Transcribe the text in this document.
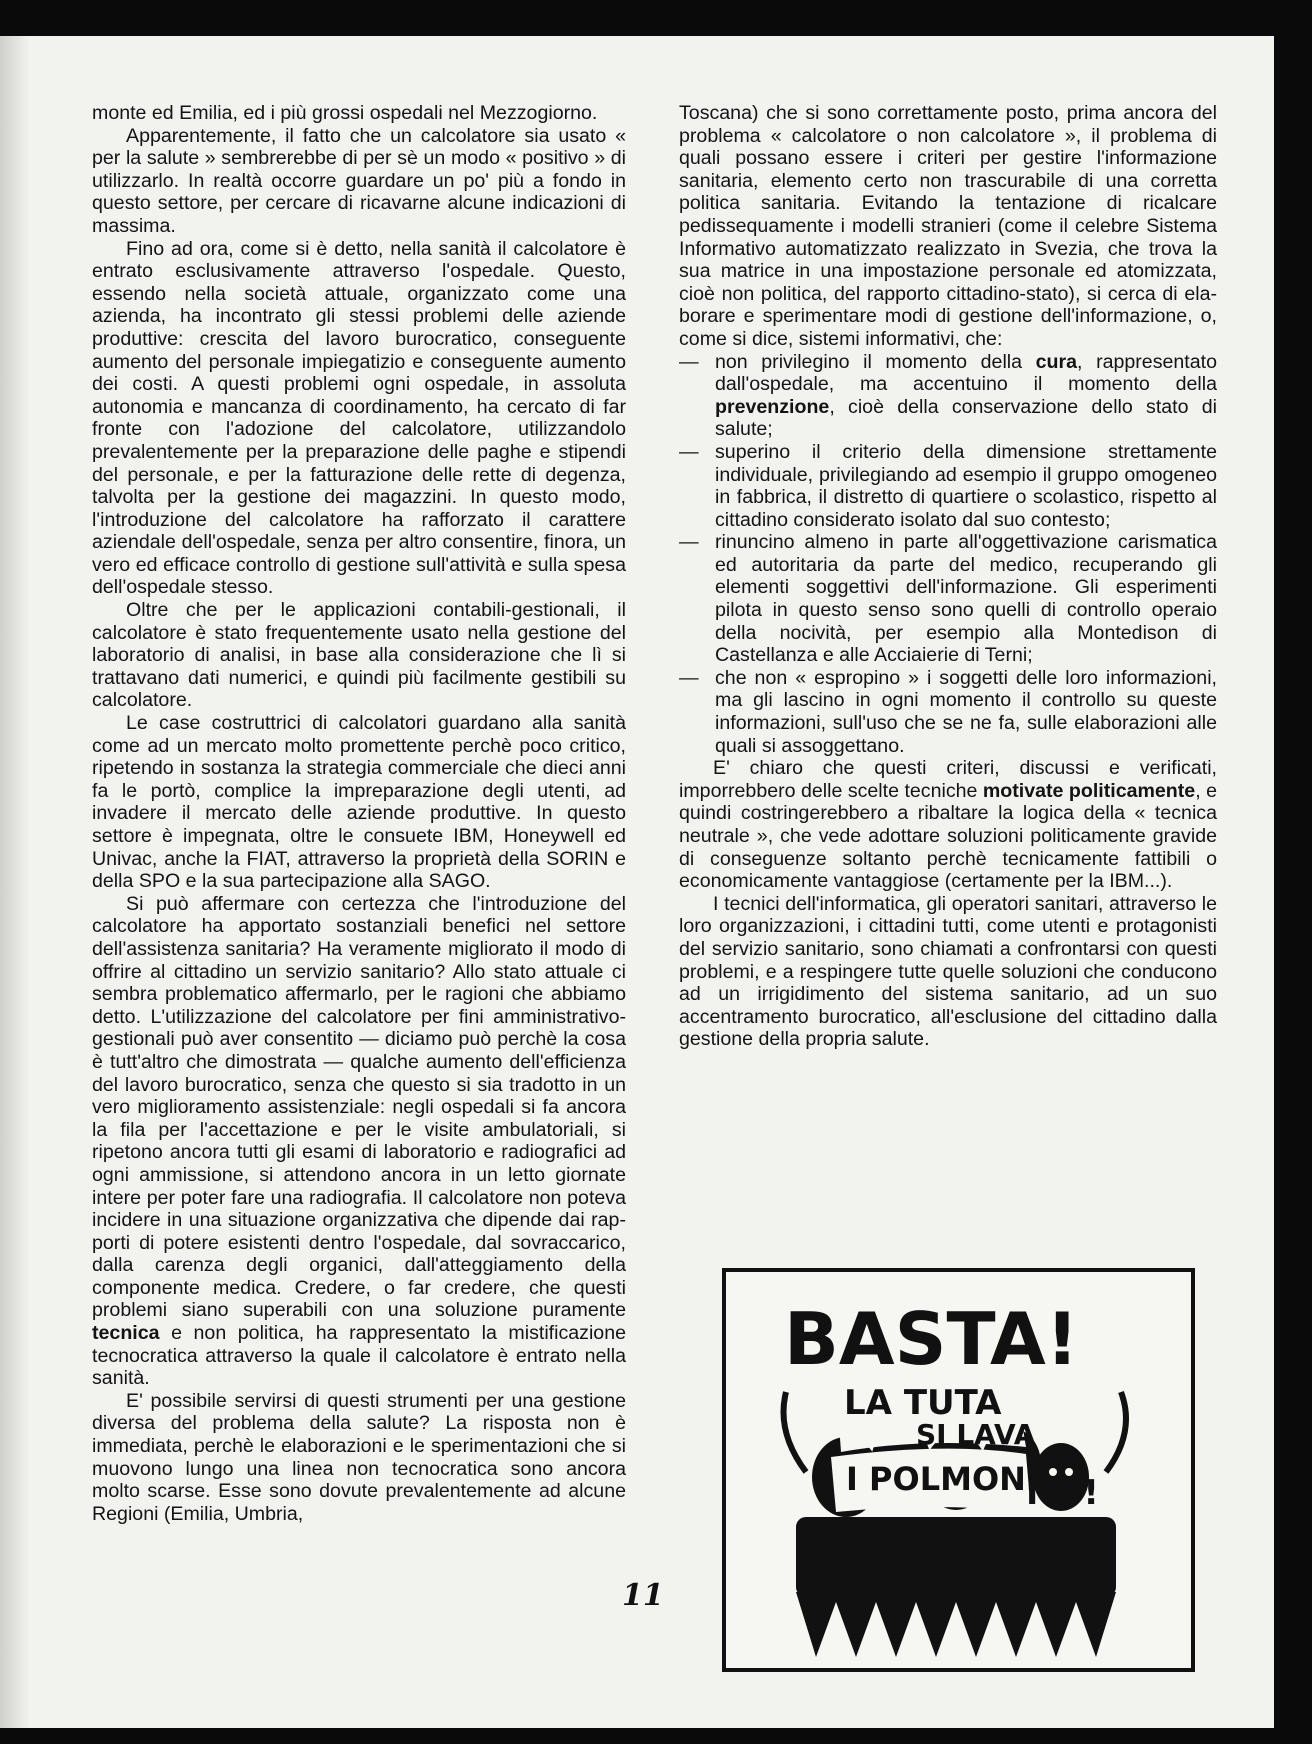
monte ed Emilia, ed i più grossi ospedali nel Mezzogiorno.

Apparentemente, il fatto che un calcolatore sia usato « per la salute » sembrerebbe di per sè un modo « positivo » di utilizzarlo. In realtà occorre guardare un po' più a fondo in questo settore, per cercare di ricavarne alcune indicazioni di massima.

Fino ad ora, come si è detto, nella sanità il calcolatore è entrato esclusivamente attraverso l'ospedale. Questo, essendo nella società attuale, organizzato come una azienda, ha incontrato gli stessi problemi delle aziende produttive: crescita del lavoro burocratico, conseguente aumento del personale impiegatizio e conseguente aumento dei costi. A questi problemi ogni ospedale, in assoluta autonomia e mancanza di coordinamento, ha cercato di far fronte con l'adozione del calcolatore, utilizzandolo prevalentemente per la preparazione delle paghe e stipendi del personale, e per la fatturazione delle rette di degenza, talvolta per la gestione dei magazzini. In questo modo, l'introduzione del calcolatore ha rafforzato il carattere aziendale dell'ospedale, senza per altro consentire, finora, un vero ed efficace controllo di gestione sull'attività e sulla spesa dell'ospedale stesso.

Oltre che per le applicazioni contabili-gestionali, il calcolatore è stato frequentemente usato nella gestione del laboratorio di analisi, in base alla considerazione che lì si trattavano dati numerici, e quindi più facilmente gestibili su calcolatore.

Le case costruttrici di calcolatori guardano alla sanità come ad un mercato molto promettente perchè poco critico, ripetendo in sostanza la strategia commerciale che dieci anni fa le portò, complice la impreparazione degli utenti, ad invadere il mercato delle aziende produttive. In questo settore è impegnata, oltre le consuete IBM, Honeywell ed Univac, anche la FIAT, attraverso la proprietà della SORIN e della SPO e la sua partecipazione alla SAGO.

Si può affermare con certezza che l'introduzione del calcolatore ha apportato sostanziali benefici nel settore dell'assistenza sanitaria? Ha veramente migliorato il modo di offrire al cittadino un servizio sanitario? Allo stato attuale ci sembra problematico affermarlo, per le ragioni che abbiamo detto. L'utilizzazione del calcolatore per fini amministrativo-gestionali può aver consentito — diciamo può perchè la cosa è tutt'altro che dimostrata — qualche aumento dell'efficienza del lavoro burocratico, senza che questo si sia tradotto in un vero miglioramento assistenziale: negli ospedali si fa ancora la fila per l'accettazione e per le visite ambulatoriali, si ripetono ancora tutti gli esami di laboratorio e radiografici ad ogni ammissione, si attendono ancora in un letto giornate intere per poter fare una radiografia. Il calcolatore non poteva incidere in una situazione organizzativa che dipende dai rapporti di potere esistenti dentro l'ospedale, dal sovraccarico, dalla carenza degli organici, dall'atteggiamento della componente medica. Credere, o far credere, che questi problemi siano superabili con una soluzione puramente tecnica e non politica, ha rappresentato la mistificazione tecnocratica attraverso la quale il calcolatore è entrato nella sanità.

E' possibile servirsi di questi strumenti per una gestione diversa del problema della salute? La risposta non è immediata, perchè le elaborazioni e le sperimentazioni che si muovono lungo una linea non tecnocratica sono ancora molto scarse. Esse sono dovute prevalentemente ad alcune Regioni (Emilia, Umbria,

Toscana) che si sono correttamente posto, prima ancora del problema « calcolatore o non calcolatore », il problema di quali possano essere i criteri per gestire l'informazione sanitaria, elemento certo non trascurabile di una corretta politica sanitaria. Evitando la tentazione di ricalcare pedissequamente i modelli stranieri (come il celebre Sistema Informativo automatizzato realizzato in Svezia, che trova la sua matrice in una impostazione personale ed atomizzata, cioè non politica, del rapporto cittadino-stato), si cerca di elaborare e sperimentare modi di gestione dell'informazione, o, come si dice, sistemi informativi, che:

— non privilegino il momento della cura, rappresentato dall'ospedale, ma accentuino il momento della prevenzione, cioè della conservazione dello stato di salute;

— superino il criterio della dimensione strettamente individuale, privilegiando ad esempio il gruppo omogeneo in fabbrica, il distretto di quartiere o scolastico, rispetto al cittadino considerato isolato dal suo contesto;

— rinuncino almeno in parte all'oggettivazione carismatica ed autoritaria da parte del medico, recuperando gli elementi soggettivi dell'informazione. Gli esperimenti pilota in questo senso sono quelli di controllo operaio della nocività, per esempio alla Montedison di Castellanza e alle Acciaierie di Terni;

— che non « espropino » i soggetti delle loro informazioni, ma gli lascino in ogni momento il controllo su queste informazioni, sull'uso che se ne fa, sulle elaborazioni alle quali si assoggettano.

E' chiaro che questi criteri, discussi e verificati, imporrebbero delle scelte tecniche motivate politicamente, e quindi costringerebbero a ribaltare la logica della « tecnica neutrale », che vede adottare soluzioni politicamente gravide di conseguenze soltanto perchè tecnicamente fattibili o economicamente vantaggiose (certamente per la IBM...).

I tecnici dell'informatica, gli operatori sanitari, attraverso le loro organizzazioni, i cittadini tutti, come utenti e protagonisti del servizio sanitario, sono chiamati a confrontarsi con questi problemi, e a respingere tutte quelle soluzioni che conducono ad un irrigidimento del sistema sanitario, ad un suo accentramento burocratico, all'esclusione del cittadino dalla gestione della propria salute.

11
BASTA!
LA TUTA
SI LAVA
I POLMONI
NO!
